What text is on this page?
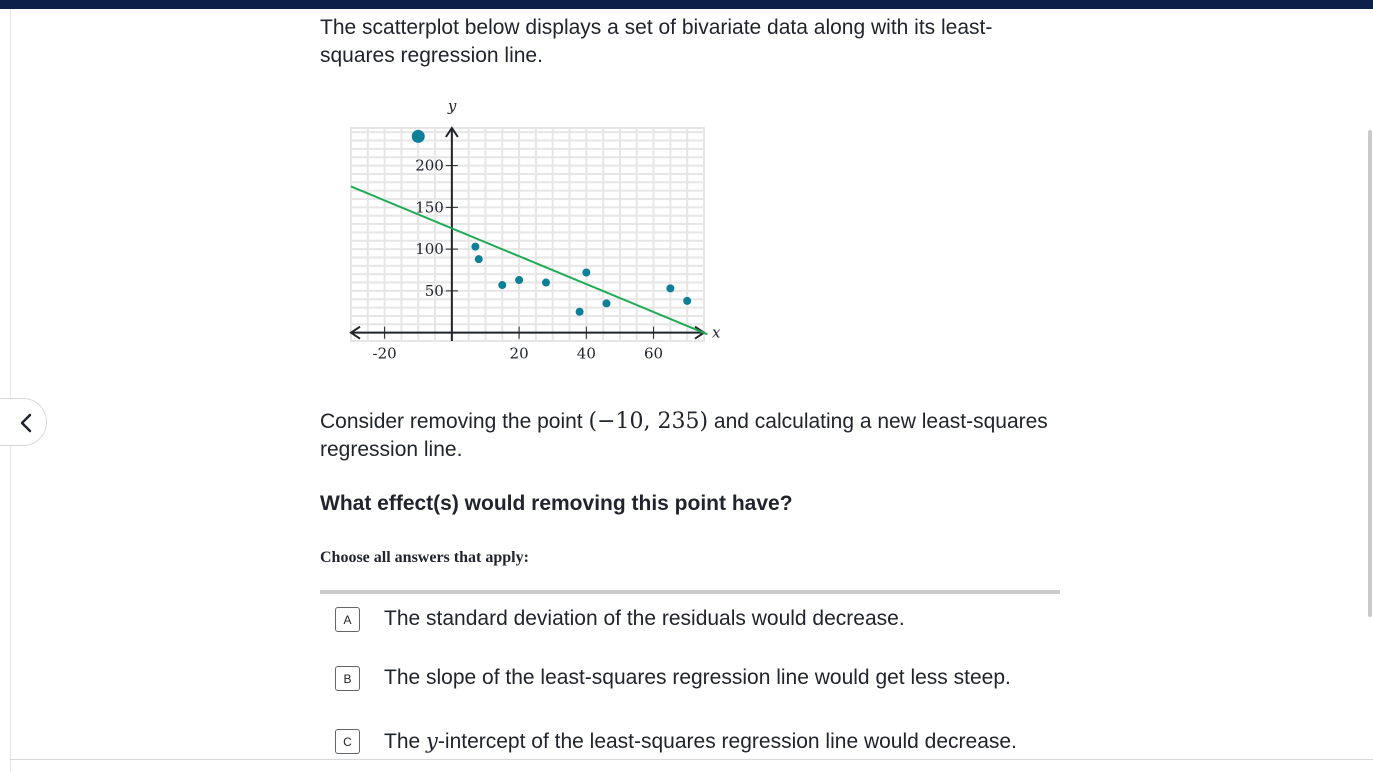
The scatterplot below displays a set of bivariate data along with its least-squares regression line.

Consider removing the point (−10, 235) and calculating a new least-squares regression line.

What effect(s) would removing this point have?

Choose all answers that apply:

A	The standard deviation of the residuals would decrease.
B	The slope of the least-squares regression line would get less steep.
C	The y-intercept of the least-squares regression line would decrease.
-20	20	40	60
50
100
150
200
x
y
